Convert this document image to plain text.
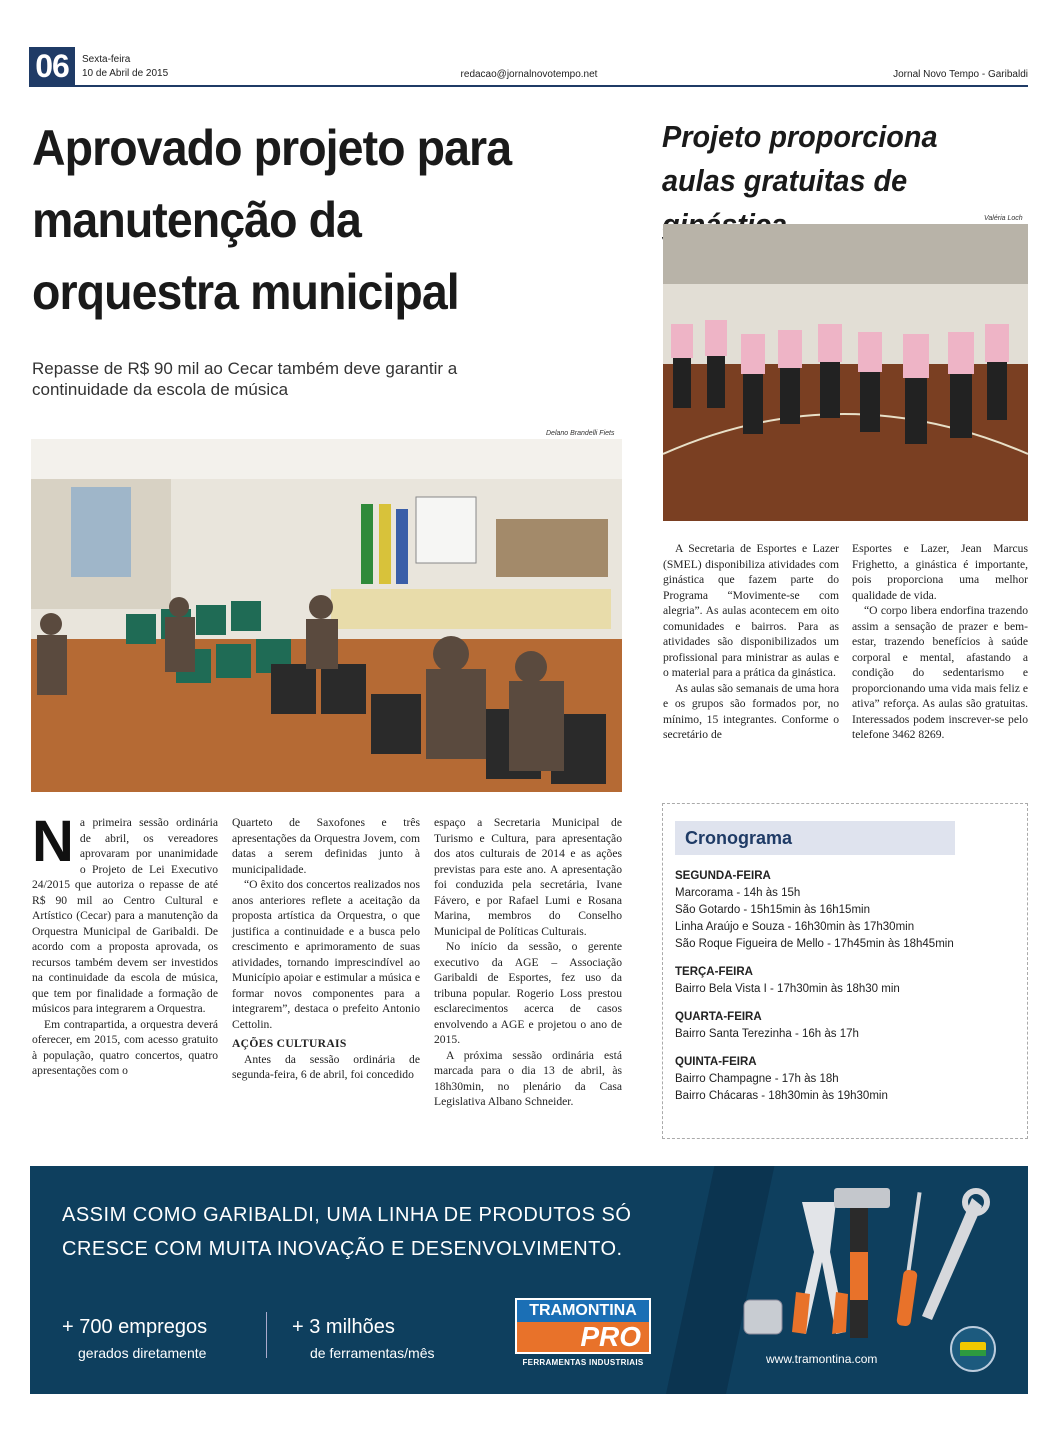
06	Sexta-feira
10 de Abril de 2015	redacao@jornalnovotempo.net	Jornal Novo Tempo - Garibaldi
Aprovado projeto para manutenção da orquestra municipal
Repasse de R$ 90 mil ao Cecar também deve garantir a continuidade da escola de música
Delano Brandelli Fiets
N a primeira sessão ordinária de abril, os vereadores aprovaram por unanimidade o Projeto de Lei Executivo 24/2015 que autoriza o repasse de até R$ 90 mil ao Centro Cultural e Artístico (Cecar) para a manutenção da Orquestra Municipal de Garibaldi. De acordo com a proposta aprovada, os recursos também devem ser investidos na continuidade da escola de música, que tem por finalidade a formação de músicos para integrarem a Orquestra.

Em contrapartida, a orquestra deverá oferecer, em 2015, com acesso gratuito à população, quatro concertos, quatro apresentações com o

Quarteto de Saxofones e três apresentações da Orquestra Jovem, com datas a serem definidas junto à municipalidade.

“O êxito dos concertos realizados nos anos anteriores reflete a aceitação da proposta artística da Orquestra, o que justifica a continuidade e a busca pelo crescimento e aprimoramento de suas atividades, tornando imprescindível ao Município apoiar e estimular a música e formar novos componentes para a integrarem”, destaca o prefeito Antonio Cettolin.

AÇÕES CULTURAIS

Antes da sessão ordinária de segunda-feira, 6 de abril, foi concedido

espaço a Secretaria Municipal de Turismo e Cultura, para apresentação dos atos culturais de 2014 e as ações previstas para este ano. A apresentação foi conduzida pela secretária, Ivane Fávero, e por Rafael Lumi e Rosana Marina, membros do Conselho Municipal de Políticas Culturais.

No início da sessão, o gerente executivo da AGE – Associação Garibaldi de Esportes, fez uso da tribuna popular. Rogerio Loss prestou esclarecimentos acerca de casos envolvendo a AGE e projetou o ano de 2015.

A próxima sessão ordinária está marcada para o dia 13 de abril, às 18h30min, no plenário da Casa Legislativa Albano Schneider.

Projeto proporciona aulas gratuitas de
Valéria Loch

A Secretaria de Esportes e Lazer (SMEL) disponibiliza atividades com ginástica que fazem parte do Programa “Movimente-se com alegria”. As aulas acontecem em oito comunidades e bairros. Para as atividades são disponibilizados um profissional para ministrar as aulas e o material para a prática da ginástica.

As aulas são semanais de uma hora e os grupos são formados por, no mínimo, 15 integrantes. Conforme o secretário de

Esportes e Lazer, Jean Marcus Frighetto, a ginástica é importante, pois proporciona uma melhor qualidade de vida.

“O corpo libera endorfina trazendo assim a sensação de prazer e bem-estar, trazendo benefícios à saúde corporal e mental, afastando a condição do sedentarismo e proporcionando uma vida mais feliz e ativa” reforça. As aulas são gratuitas. Interessados podem inscrever-se pelo telefone 3462 8269.

Cronograma
SEGUNDA-FEIRA
Marcorama - 14h às 15h
São Gotardo - 15h15min às 16h15min
Linha Araújo e Souza - 16h30min às 17h30min
São Roque Figueira de Mello - 17h45min às 18h45min
TERÇA-FEIRA
Bairro Bela Vista I - 17h30min às 18h30 min
QUARTA-FEIRA
Bairro Santa Terezinha - 16h às 17h
QUINTA-FEIRA
Bairro Champagne - 17h às 18h
Bairro Chácaras - 18h30min às 19h30min
ASSIM COMO GARIBALDI, UMA LINHA DE PRODUTOS SÓ CRESCE COM MUITA INOVAÇÃO E DESENVOLVIMENTO.
+ 700 empregos
gerados diretamente
+ 3 milhões
de ferramentas/mês
TRAMONTINA
PRO
FERRAMENTAS INDUSTRIAIS	www.tramontina.com
